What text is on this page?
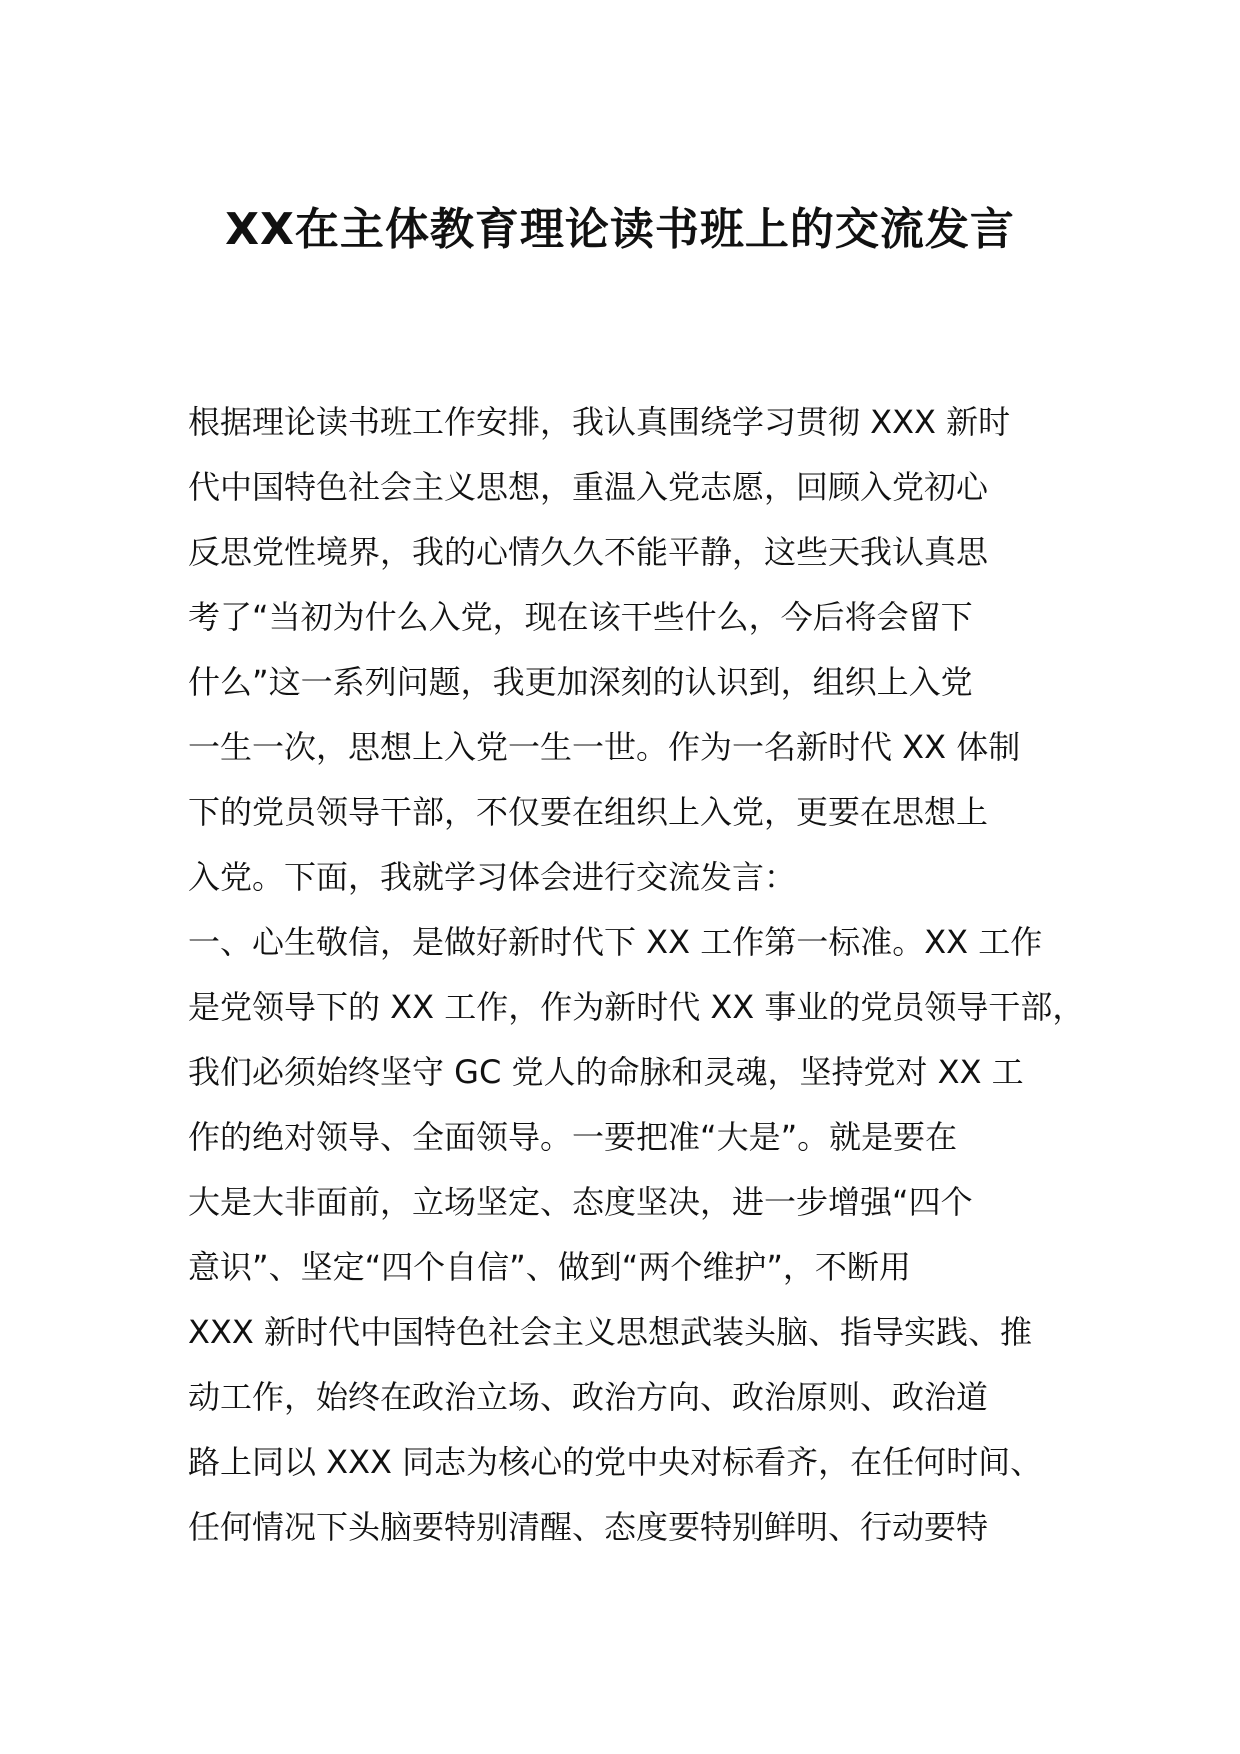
XX在主体教育理论读书班上的交流发言
根据理论读书班工作安排，我认真围绕学习贯彻 XXX 新时
代中国特色社会主义思想，重温入党志愿，回顾入党初心
反思党性境界，我的心情久久不能平静，这些天我认真思
考了“当初为什么入党，现在该干些什么，今后将会留下
什么”这一系列问题，我更加深刻的认识到，组织上入党
一生一次，思想上入党一生一世。作为一名新时代 XX 体制
下的党员领导干部，不仅要在组织上入党，更要在思想上
入党。下面，我就学习体会进行交流发言：
一、心生敬信，是做好新时代下 XX 工作第一标准。XX 工作
是党领导下的 XX 工作，作为新时代 XX 事业的党员领导干部，
我们必须始终坚守 GC 党人的命脉和灵魂，坚持党对 XX 工
作的绝对领导、全面领导。一要把准“大是”。就是要在
大是大非面前，立场坚定、态度坚决，进一步增强“四个
意识”、坚定“四个自信”、做到“两个维护”，不断用
XXX 新时代中国特色社会主义思想武装头脑、指导实践、推
动工作，始终在政治立场、政治方向、政治原则、政治道
路上同以 XXX 同志为核心的党中央对标看齐，在任何时间、
任何情况下头脑要特别清醒、态度要特别鲜明、行动要特
